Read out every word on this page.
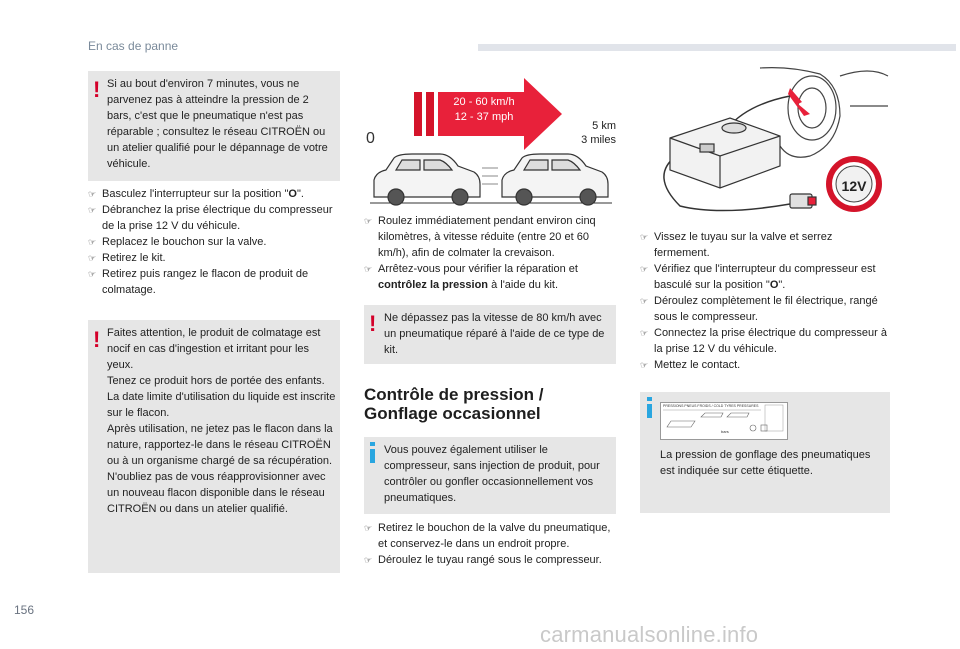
En cas de panne
! Si au bout d'environ 7 minutes, vous ne parvenez pas à atteindre la pression de 2 bars, c'est que le pneumatique n'est pas réparable ; consultez le réseau CITROËN ou un atelier qualifié pour le dépannage de votre véhicule.

☞ Basculez l'interrupteur sur la position "O".
☞ Débranchez la prise électrique du compresseur de la prise 12 V du véhicule.
☞ Replacez le bouchon sur la valve.
☞ Retirez le kit.
☞ Retirez puis rangez le flacon de produit de colmatage.
! Faites attention, le produit de colmatage est nocif en cas d'ingestion et irritant pour les yeux.

Tenez ce produit hors de portée des enfants.

La date limite d'utilisation du liquide est inscrite sur le flacon.

Après utilisation, ne jetez pas le flacon dans la nature, rapportez-le dans le réseau CITROËN ou à un organisme chargé de sa récupération.

N'oubliez pas de vous réapprovisionner avec un nouveau flacon disponible dans le réseau CITROËN ou dans un atelier qualifié.

20 - 60 km/h
12 - 37 mph
0
5 km
3 miles
☞ Roulez immédiatement pendant environ cinq kilomètres, à vitesse réduite (entre 20 et 60 km/h), afin de colmater la crevaison.
☞ Arrêtez-vous pour vérifier la réparation et contrôlez la pression à l'aide du kit.
! Ne dépassez pas la vitesse de 80 km/h avec un pneumatique réparé à l'aide de ce type de kit.

Contrôle de pression /
Gonflage occasionnel

Vous pouvez également utiliser le compresseur, sans injection de produit, pour contrôler ou gonfler occasionnellement vos pneumatiques.

☞ Retirez le bouchon de la valve du pneumatique, et conservez-le dans un endroit propre.
☞ Déroulez le tuyau rangé sous le compresseur.
12V
☞ Vissez le tuyau sur la valve et serrez fermement.
☞ Vérifiez que l'interrupteur du compresseur est basculé sur la position "O".
☞ Déroulez complètement le fil électrique, rangé sous le compresseur.
☞ Connectez la prise électrique du compresseur à la prise 12 V du véhicule.
☞ Mettez le contact.
PRESSIONS PNEUS FROIDS / COLD TYRES PRESSURES
bars

La pression de gonflage des pneumatiques est indiquée sur cette étiquette.

156
carmanualsonline.info
